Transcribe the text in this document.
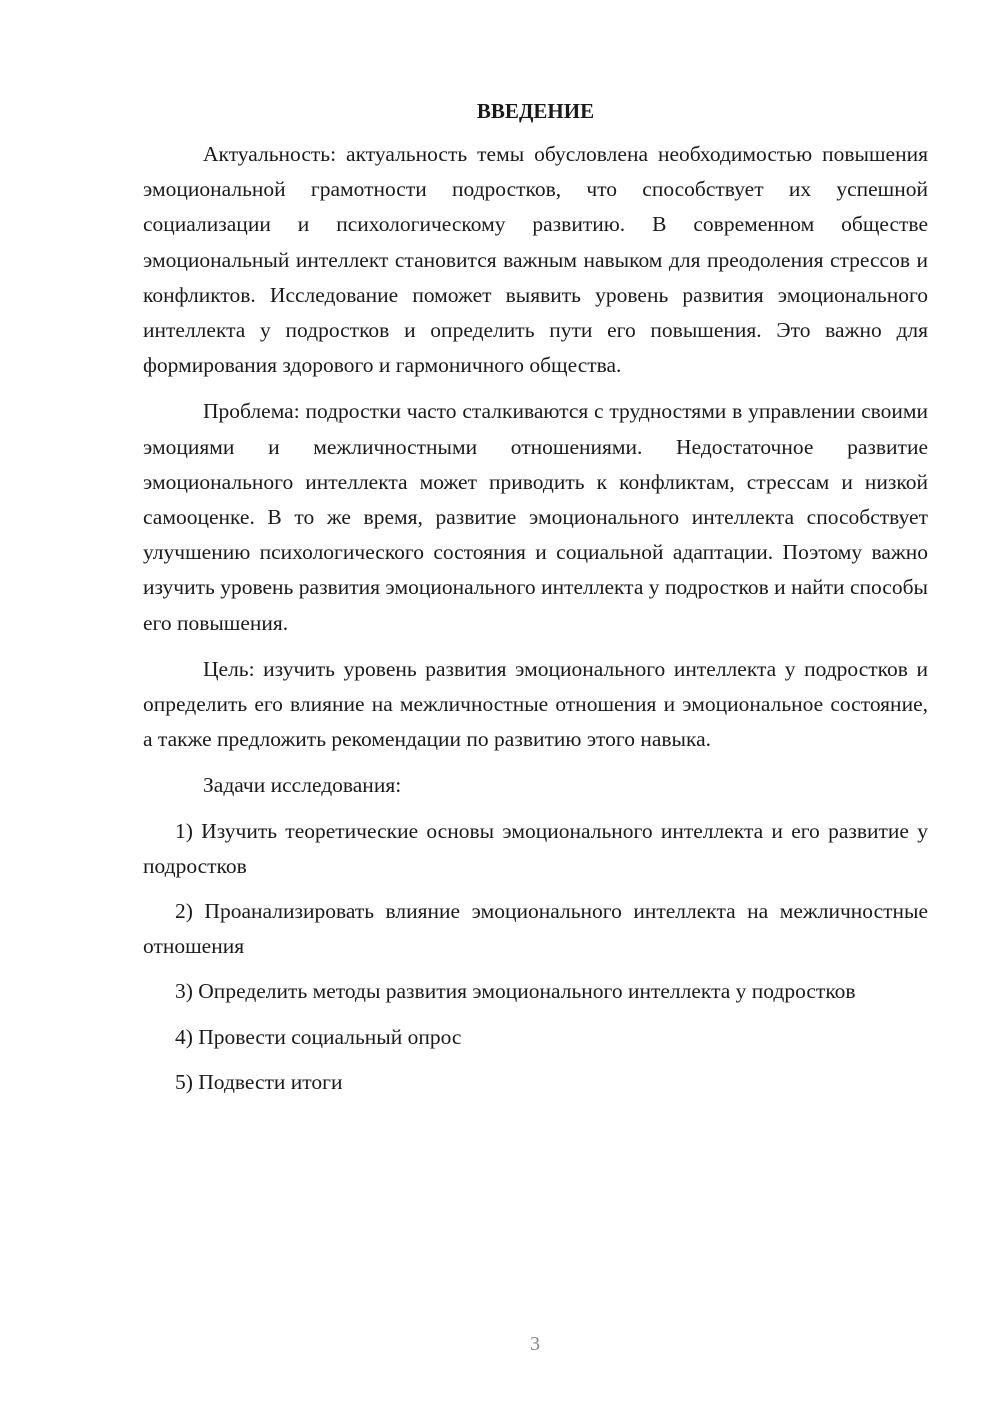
ВВЕДЕНИЕ

Актуальность: актуальность темы обусловлена необходимостью повышения эмоциональной грамотности подростков, что способствует их успешной социализации и психологическому развитию. В современном обществе эмоциональный интеллект становится важным навыком для преодоления стрессов и конфликтов. Исследование поможет выявить уровень развития эмоционального интеллекта у подростков и определить пути его повышения. Это важно для формирования здорового и гармоничного общества.

Проблема: подростки часто сталкиваются с трудностями в управлении своими эмоциями и межличностными отношениями. Недостаточное развитие эмоционального интеллекта может приводить к конфликтам, стрессам и низкой самооценке. В то же время, развитие эмоционального интеллекта способствует улучшению психологического состояния и социальной адаптации. Поэтому важно изучить уровень развития эмоционального интеллекта у подростков и найти способы его повышения.

Цель: изучить уровень развития эмоционального интеллекта у подростков и определить его влияние на межличностные отношения и эмоциональное состояние, а также предложить рекомендации по развитию этого навыка.

Задачи исследования:

1) Изучить теоретические основы эмоционального интеллекта и его развитие у подростков

2) Проанализировать влияние эмоционального интеллекта на межличностные отношения

3) Определить методы развития эмоционального интеллекта у подростков

4) Провести социальный опрос

5) Подвести итоги

3
